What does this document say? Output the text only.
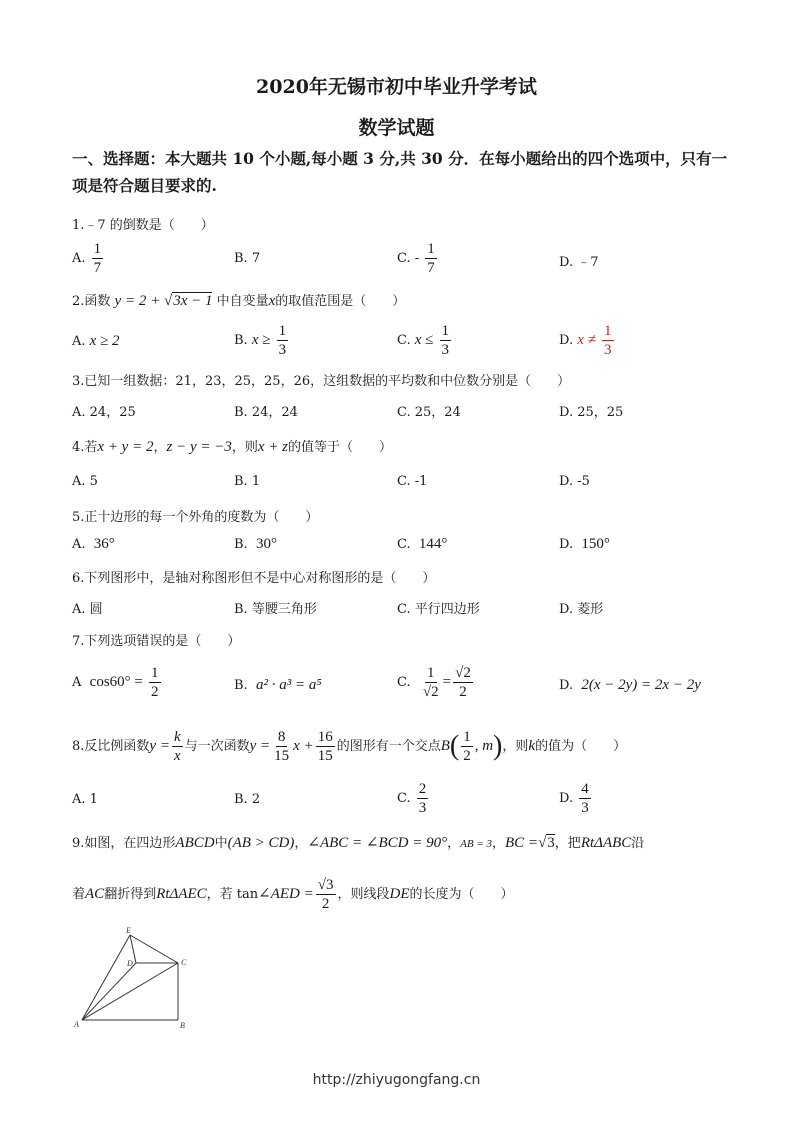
2020年无锡市初中毕业升学考试
数学试题
一、选择题：本大题共 10 个小题,每小题 3 分,共 30 分．在每小题给出的四个选项中，只有一
项是符合题目要求的.
1.﹣7 的倒数是（　　）
A. $\frac{1}{7}$	B. 7	C. - $\frac{1}{7}$	D. ﹣7
2.函数 y = 2 + √3x − 1 中自变量x的取值范围是（　　）
A. x ≥ 2	B. $x \ge \frac{1}{3}$	C. $x \le \frac{1}{3}$	D. $x \ne \frac{1}{3}$
3.已知一组数据：21，23，25，25，26，这组数据的平均数和中位数分别是（　　）
A. 24，25	B. 24，24	C. 25，24	D. 25，25
4.若x + y = 2，z − y = −3，则x + z的值等于（　　）
A. 5	B. 1	C. -1	D. -5
5.正十边形的每一个外角的度数为（　　）
A. 36°	B. 30°	C. 144°	D. 150°
6.下列图形中，是轴对称图形但不是中心对称图形的是（　　）
A. 圆	B. 等腰三角形	C. 平行四边形	D. 菱形
7.下列选项错误的是（　　）
A $\cos 60^\circ = \frac{1}{2}$	B. a² · a³ = a⁵	C. $\frac{1}{√2} = \frac{√2}{2}$	D. 2(x − 2y) = 2x − 2y
8.反比例函数$y = \frac{k}{x}$ 与一次函数$y = \frac{8}{15}$ $x + \frac{16}{15}$ 的图形有一个交点$B( \frac{1}{2}$ , m)，则k的值为（　　）
A. 1	B. 2	C. $\frac{2}{3}$	D. $\frac{4}{3}$
9.如图，在四边形ABCD中(AB > CD)，∠ABC = ∠BCD = 90°，AB = 3，BC =√3，把RtΔABC沿
着AC翻折得到RtΔAEC，若 tan∠AED = $\frac{√3}{2}$ ，则线段DE的长度为（　　）
E
D	C
A	B
http://zhiyugongfang.cn
